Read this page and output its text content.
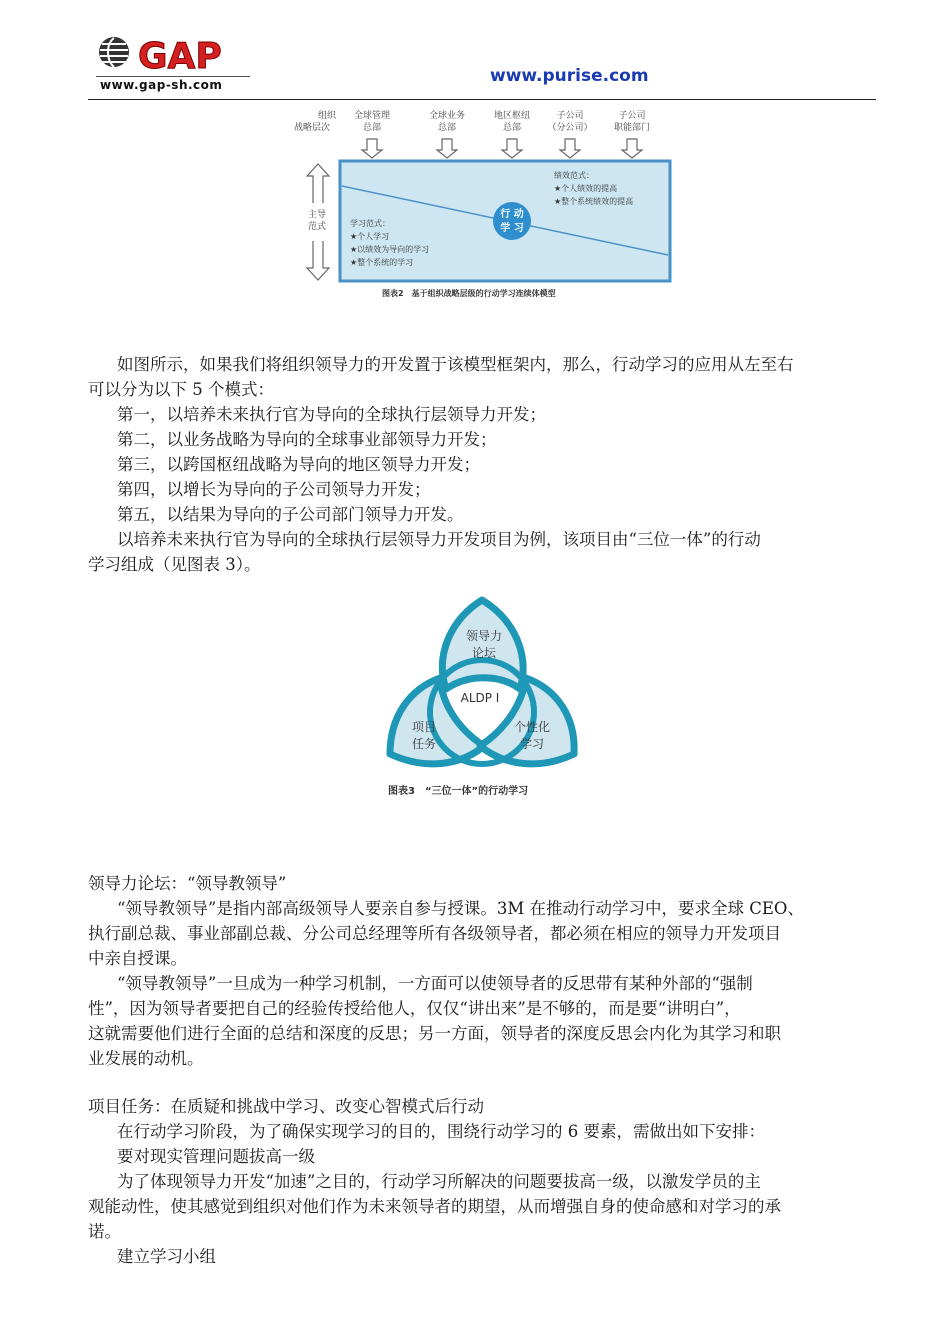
GAP
www.gap-sh.com	www.purise.com
组织
战略层次
全球管理
总部
全球业务
总部
地区枢纽
总部
子公司
（分公司）
子公司
职能部门
主导
范式
绩效范式：
★个人绩效的提高
★整个系统绩效的提高
学习范式：
★个人学习
★以绩效为导向的学习
★整个系统的学习
行 动
学 习
图表2　基于组织战略层级的行动学习连续体模型
如图所示，如果我们将组织领导力的开发置于该模型框架内，那么，行动学习的应用从左至右
可以分为以下 5 个模式：
第一，以培养未来执行官为导向的全球执行层领导力开发；
第二，以业务战略为导向的全球事业部领导力开发；
第三，以跨国枢纽战略为导向的地区领导力开发；
第四，以增长为导向的子公司领导力开发；
第五，以结果为导向的子公司部门领导力开发。
以培养未来执行官为导向的全球执行层领导力开发项目为例，该项目由“三位一体”的行动
学习组成（见图表 3）。
领导力
论坛
ALDP Ⅰ
项目
任务
个性化
学习
图表3　“三位一体”的行动学习
领导力论坛：“领导教领导”
“领导教领导”是指内部高级领导人要亲自参与授课。3M 在推动行动学习中，要求全球 CEO、
执行副总裁、事业部副总裁、分公司总经理等所有各级领导者，都必须在相应的领导力开发项目
中亲自授课。
“领导教领导”一旦成为一种学习机制，一方面可以使领导者的反思带有某种外部的“强制
性”，因为领导者要把自己的经验传授给他人，仅仅“讲出来”是不够的，而是要“讲明白”，
这就需要他们进行全面的总结和深度的反思；另一方面，领导者的深度反思会内化为其学习和职
业发展的动机。
项目任务：在质疑和挑战中学习、改变心智模式后行动
在行动学习阶段，为了确保实现学习的目的，围绕行动学习的 6 要素，需做出如下安排：
要对现实管理问题拔高一级
为了体现领导力开发“加速”之目的，行动学习所解决的问题要拔高一级，以激发学员的主
观能动性，使其感觉到组织对他们作为未来领导者的期望，从而增强自身的使命感和对学习的承
诺。
建立学习小组
